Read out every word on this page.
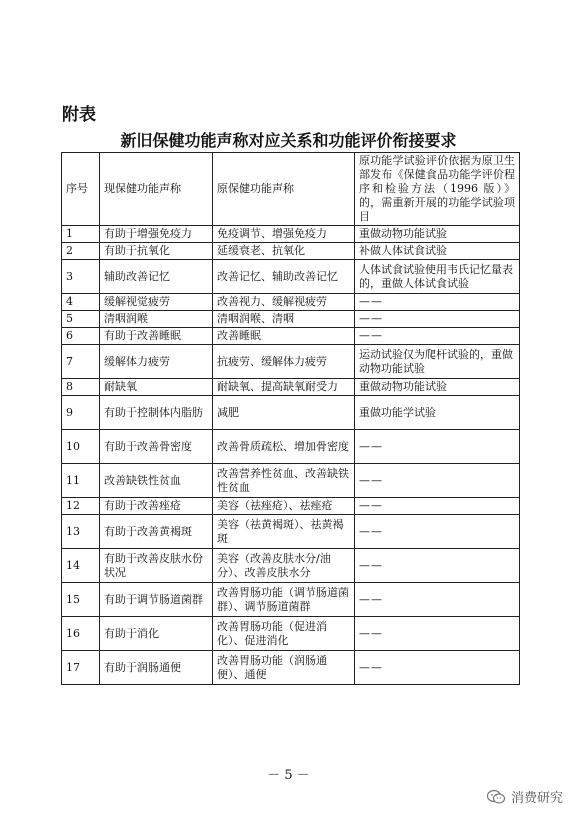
附表
新旧保健功能声称对应关系和功能评价衔接要求
序号	现保健功能声称	原保健功能声称	原功能学试验评价依据为原卫生部发布《保健食品功能学评价程序和检验方法（1996 版）》的，需重新开展的功能学试验项目
1	有助于增强免疫力	免疫调节、增强免疫力	重做动物功能试验
2	有助于抗氧化	延缓衰老、抗氧化	补做人体试食试验
3	辅助改善记忆	改善记忆、辅助改善记忆	人体试食试验使用韦氏记忆量表的，重做人体试食试验
4	缓解视觉疲劳	改善视力、缓解视疲劳	——
5	清咽润喉	清咽润喉、清咽	——
6	有助于改善睡眠	改善睡眠	——
7	缓解体力疲劳	抗疲劳、缓解体力疲劳	运动试验仅为爬杆试验的，重做动物功能试验
8	耐缺氧	耐缺氧、提高缺氧耐受力	重做动物功能试验
9	有助于控制体内脂肪	减肥	重做功能学试验
10	有助于改善骨密度	改善骨质疏松、增加骨密度	——
11	改善缺铁性贫血	改善营养性贫血、改善缺铁性贫血	——
12	有助于改善痤疮	美容（祛痤疮）、祛痤疮	——
13	有助于改善黄褐斑	美容（祛黄褐斑）、祛黄褐斑	——
14	有助于改善皮肤水份状况	美容（改善皮肤水分/油分）、改善皮肤水分	——
15	有助于调节肠道菌群	改善胃肠功能（调节肠道菌群）、调节肠道菌群	——
16	有助于消化	改善胃肠功能（促进消化）、促进消化	——
17	有助于润肠通便	改善胃肠功能（润肠通便）、通便	——
－ 5 －
消费研究
